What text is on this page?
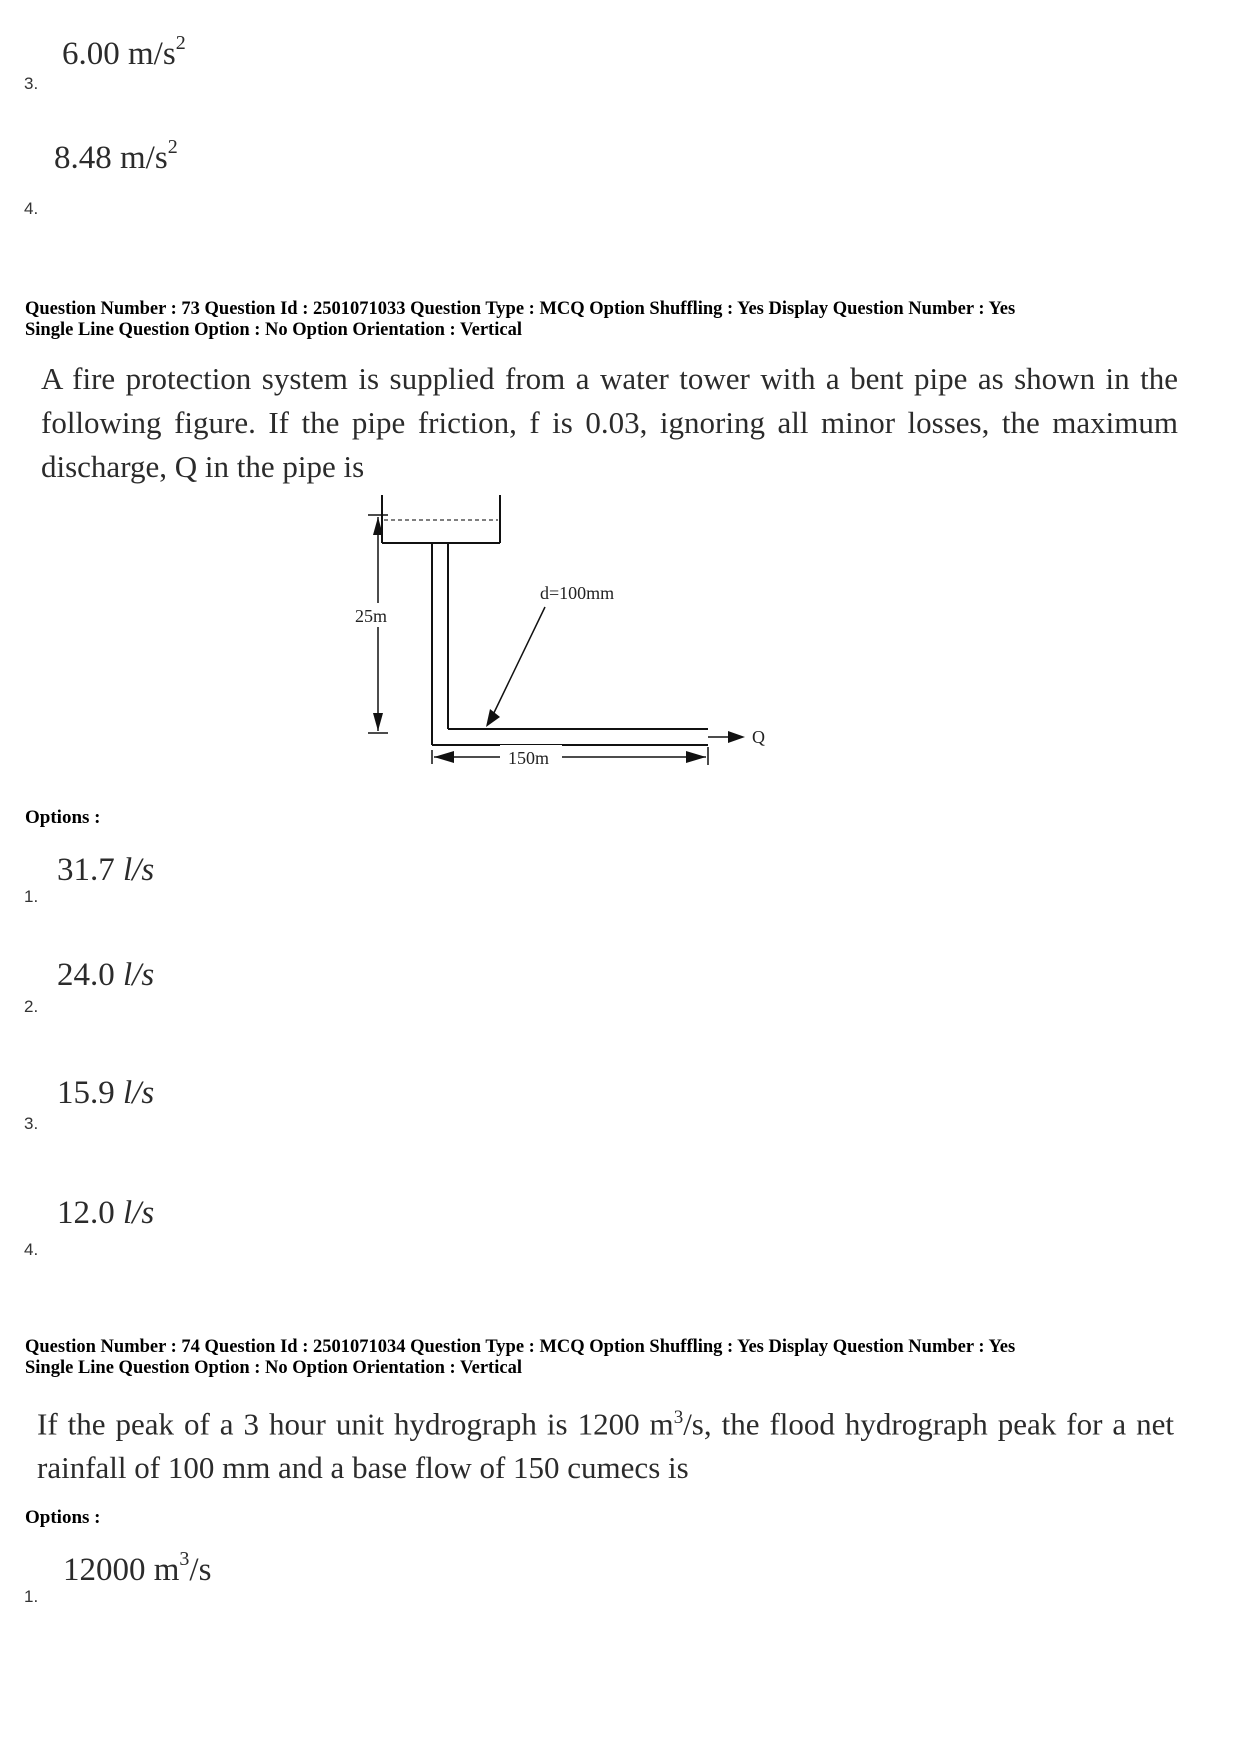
6.00 $m/s^2$
3.
8.48 $m/s^2$
4.
Question Number : 73 Question Id : 2501071033 Question Type : MCQ Option Shuffling : Yes Display Question Number : Yes
Single Line Question Option : No Option Orientation : Vertical
A fire protection system is supplied from a water tower with a bent pipe as shown in the following figure. If the pipe friction, f is 0.03, ignoring all minor losses, the maximum discharge, Q in the pipe is
25m
d=100mm
Q
150m
Options :
31.7 l/s
1.
24.0 l/s
2.
15.9 l/s
3.
12.0 l/s
4.
Question Number : 74 Question Id : 2501071034 Question Type : MCQ Option Shuffling : Yes Display Question Number : Yes
Single Line Question Option : No Option Orientation : Vertical
If the peak of a 3 hour unit hydrograph is 1200 $m^3/s$, the flood hydrograph peak for a net rainfall of 100 mm and a base flow of 150 cumecs is
Options :
12000 $m^3/s$
1.
